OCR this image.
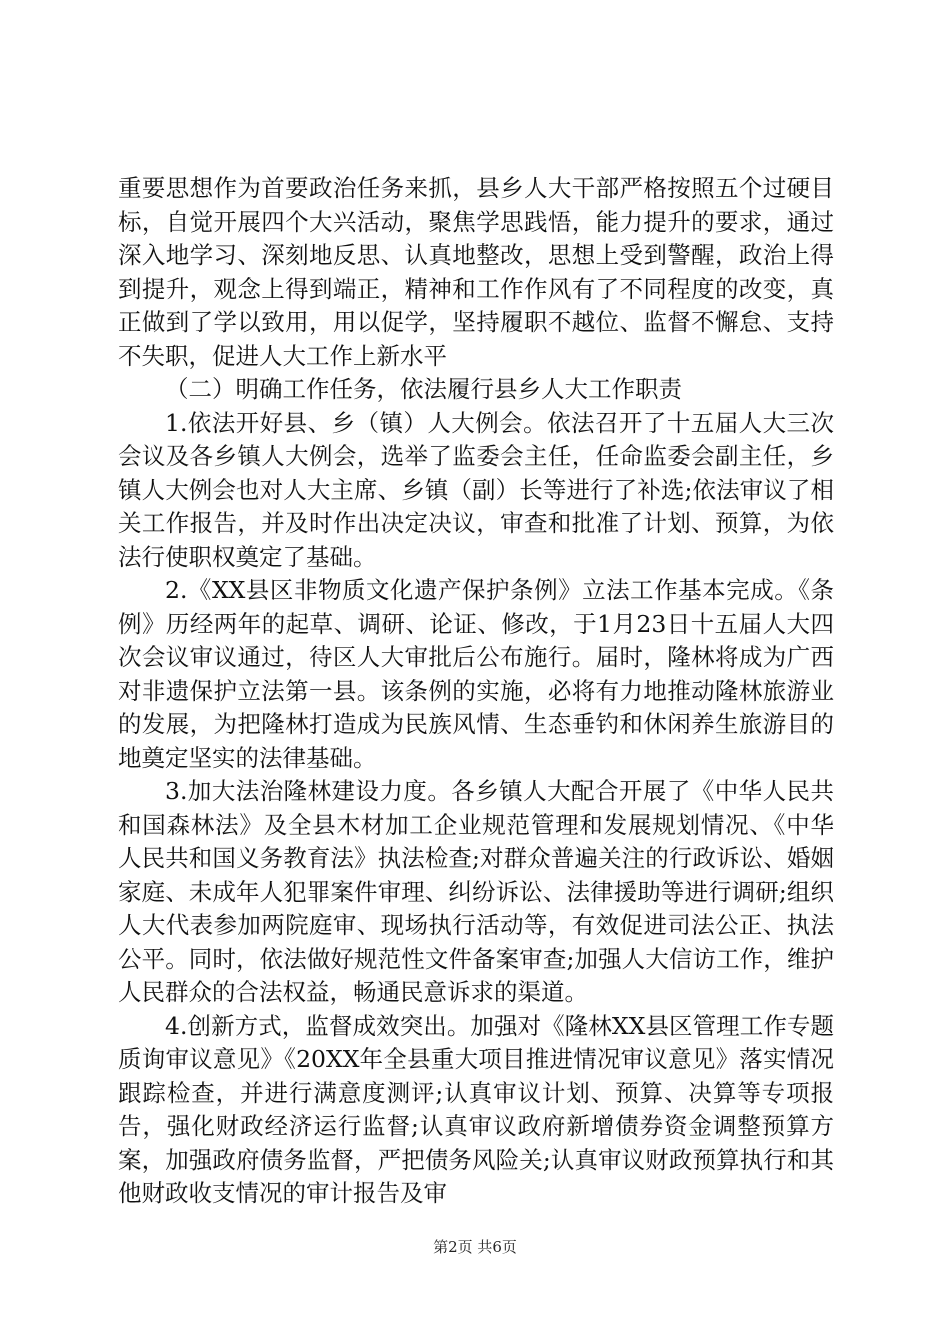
重要思想作为首要政治任务来抓，县乡人大干部严格按照五个过硬目标，自觉开展四个大兴活动，聚焦学思践悟，能力提升的要求，通过深入地学习、深刻地反思、认真地整改，思想上受到警醒，政治上得到提升，观念上得到端正，精神和工作作风有了不同程度的改变，真正做到了学以致用，用以促学，坚持履职不越位、监督不懈怠、支持不失职，促进人大工作上新水平

（二）明确工作任务，依法履行县乡人大工作职责

1.依法开好县、乡（镇）人大例会。依法召开了十五届人大三次会议及各乡镇人大例会，选举了监委会主任，任命监委会副主任，乡镇人大例会也对人大主席、乡镇（副）长等进行了补选;依法审议了相关工作报告，并及时作出决定决议，审查和批准了计划、预算，为依法行使职权奠定了基础。

2.《XX县区非物质文化遗产保护条例》立法工作基本完成。《条例》历经两年的起草、调研、论证、修改，于1月23日十五届人大四次会议审议通过，待区人大审批后公布施行。届时，隆林将成为广西对非遗保护立法第一县。该条例的实施，必将有力地推动隆林旅游业的发展，为把隆林打造成为民族风情、生态垂钓和休闲养生旅游目的地奠定坚实的法律基础。

3.加大法治隆林建设力度。各乡镇人大配合开展了《中华人民共和国森林法》及全县木材加工企业规范管理和发展规划情况、《中华人民共和国义务教育法》执法检查;对群众普遍关注的行政诉讼、婚姻家庭、未成年人犯罪案件审理、纠纷诉讼、法律援助等进行调研;组织人大代表参加两院庭审、现场执行活动等，有效促进司法公正、执法公平。同时，依法做好规范性文件备案审查;加强人大信访工作，维护人民群众的合法权益，畅通民意诉求的渠道。

4.创新方式，监督成效突出。加强对《隆林XX县区管理工作专题质询审议意见》《20XX年全县重大项目推进情况审议意见》落实情况跟踪检查，并进行满意度测评;认真审议计划、预算、决算等专项报告，强化财政经济运行监督;认真审议政府新增债券资金调整预算方案，加强政府债务监督，严把债务风险关;认真审议财政预算执行和其他财政收支情况的审计报告及审

第2页 共6页
